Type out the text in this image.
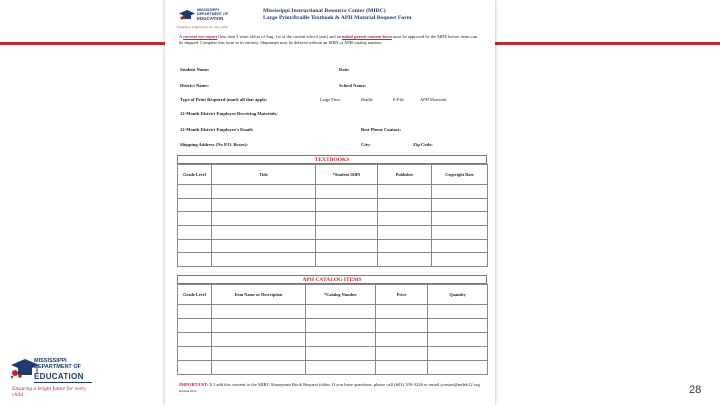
MISSISSIPPI
DEPARTMENT OF
EDUCATION
Ensuring a bright future for every child
Mississippi Instructional Resource Center (MIRC)
Large Print/Braille Textbook & APH Material Request Form
A current eye report (less than 3 years old as of Aug. 1st of the current school year) and an initial parent consent form must be approved by the MDE before items can be shipped. Complete this form in its entirety. Shipments may be delayed without an ISBN or APH catalog number.
Student Name:	Date:
District Name:	School Name:
Type of Print Required (mark all that apply:	Large Print	Braille	E-File	APH Materials
12-Month District Employee Receiving Materials:
12-Month District Employee's Email:	Best Phone Contact:
Shipping Address (No P.O. Boxes):	City:	Zip Code:
TEXTBOOKS
Grade Level	Title	*Student ISBN	Publisher	Copyright Date

APH CATALOG ITEMS
Grade Level	Item Name or Description	*Catalog Number	Price	Quantity

IMPORTANT: If I add this content to the MIRC Sharepoint Book Request folder. If you have questions, please call (601) 359-3226 or email jcarson@mdek12.org Revised 2024
MISSISSIPPI
DEPARTMENT OF
EDUCATION
Ensuring a bright future for every child	28
